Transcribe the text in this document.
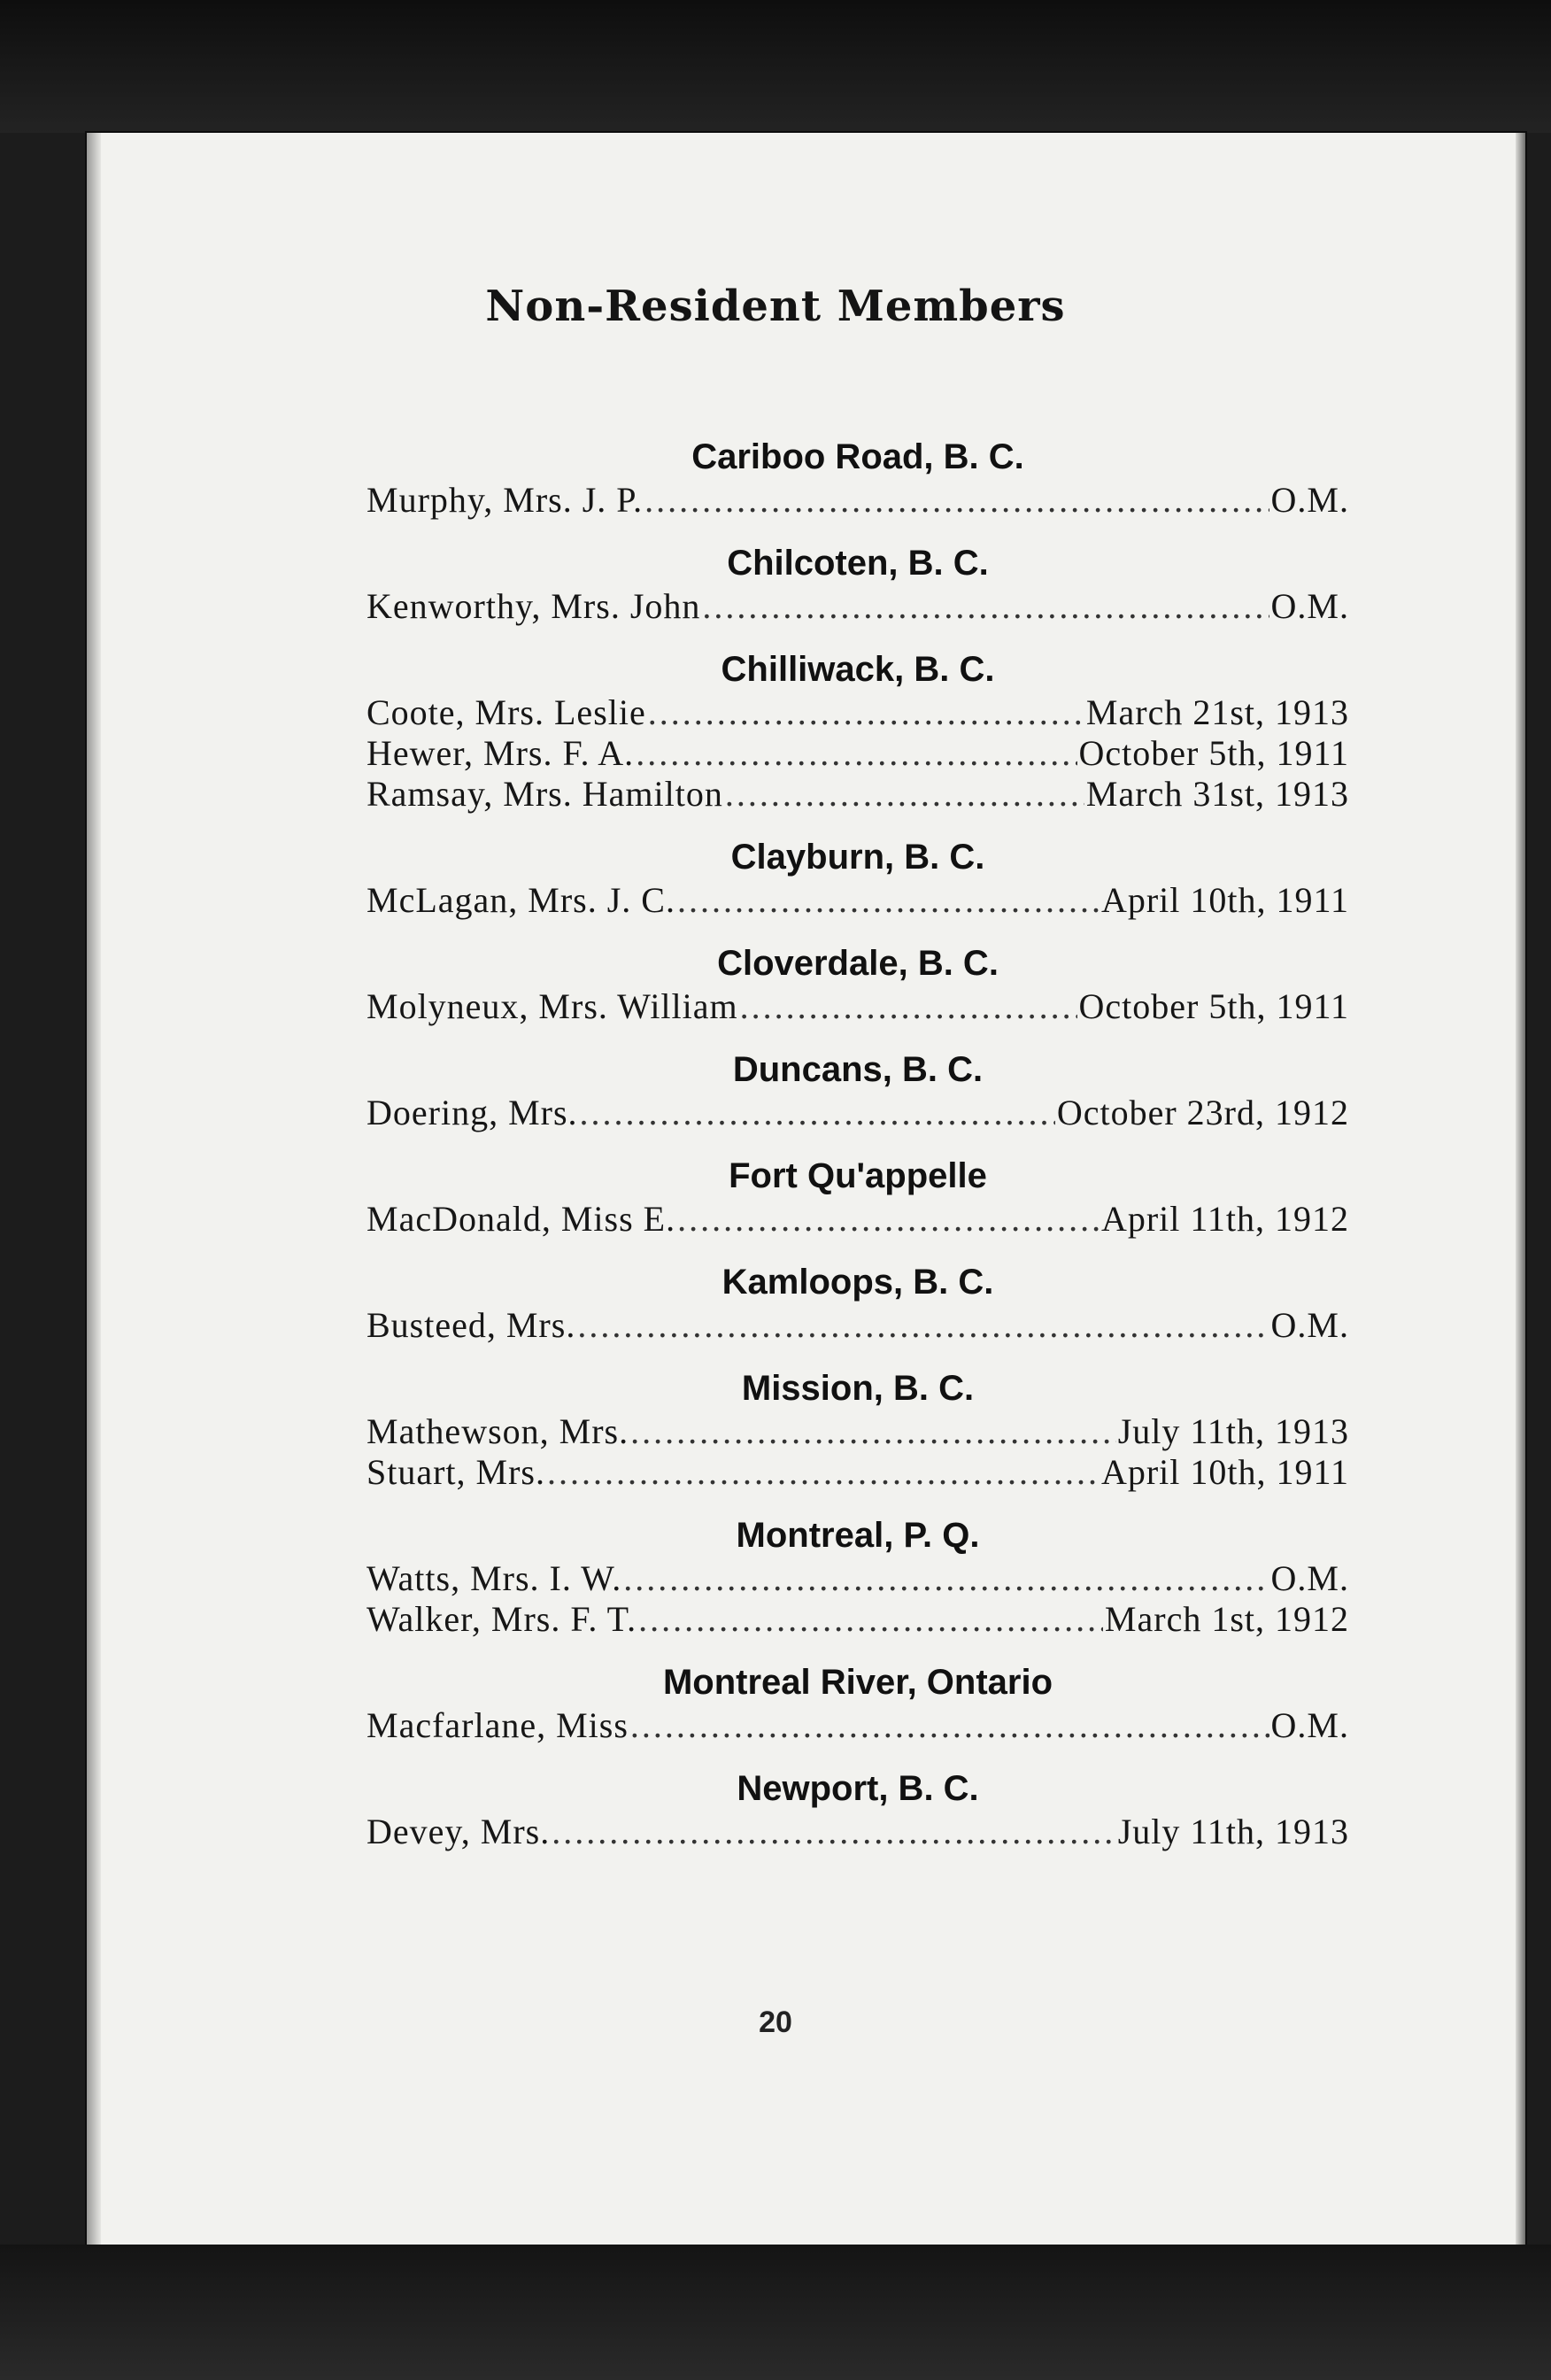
Non-Resident Members
Cariboo Road, B. C.
Murphy, Mrs. J. P. .....	O.M.
Chilcoten, B. C.
Kenworthy, Mrs. John .....	O.M.
Chilliwack, B. C.
Coote, Mrs. Leslie .....	March 21st, 1913
Hewer, Mrs. F. A. .....	October 5th, 1911
Ramsay, Mrs. Hamilton .....	March 31st, 1913
Clayburn, B. C.
McLagan, Mrs. J. C. .....	April 10th, 1911
Cloverdale, B. C.
Molyneux, Mrs. William .....	October 5th, 1911
Duncans, B. C.
Doering, Mrs. .....	October 23rd, 1912
Fort Qu'appelle
MacDonald, Miss E. .....	April 11th, 1912
Kamloops, B. C.
Busteed, Mrs. .....	O.M.
Mission, B. C.
Mathewson, Mrs. .....	July 11th, 1913
Stuart, Mrs. .....	April 10th, 1911
Montreal, P. Q.
Watts, Mrs. I. W. .....	O.M.
Walker, Mrs. F. T. .....	March 1st, 1912
Montreal River, Ontario
Macfarlane, Miss .....	O.M.
Newport, B. C.
Devey, Mrs. .....	July 11th, 1913
20
